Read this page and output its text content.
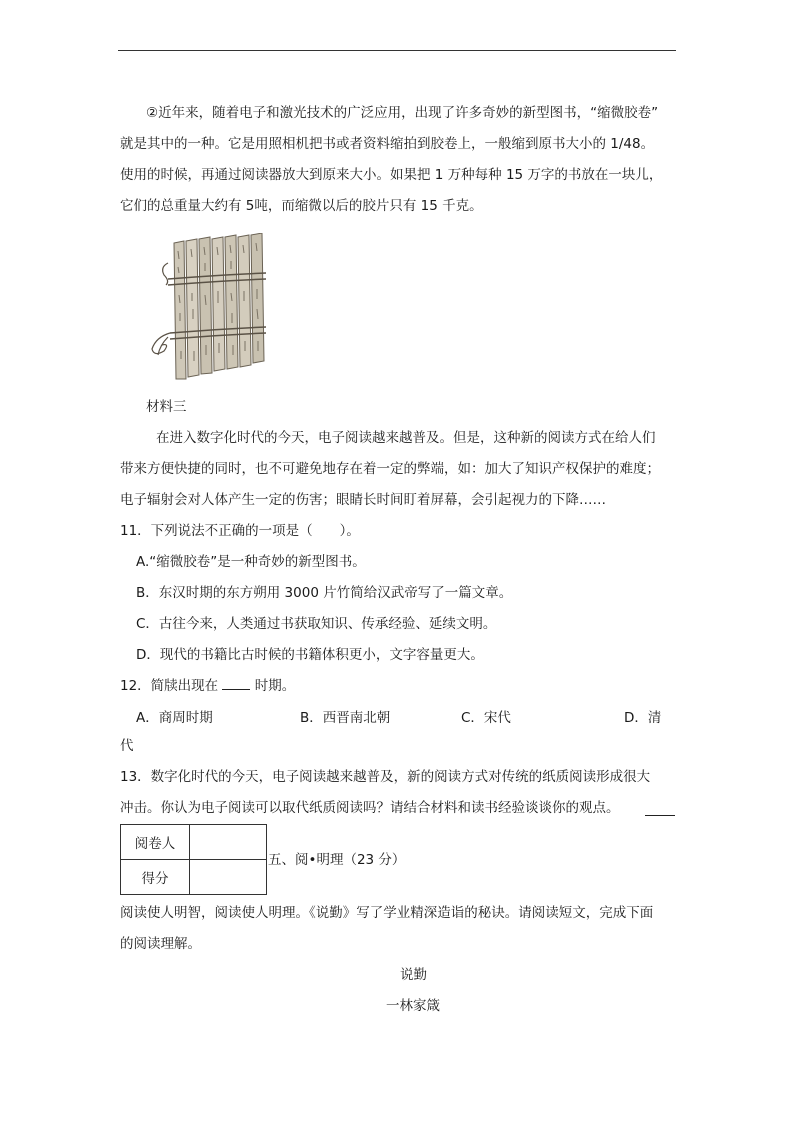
②近年来，随着电子和激光技术的广泛应用，出现了许多奇妙的新型图书，“缩微胶卷”
就是其中的一种。它是用照相机把书或者资料缩拍到胶卷上，一般缩到原书大小的 1/48。
使用的时候，再通过阅读器放大到原来大小。如果把 1 万种每种 15 万字的书放在一块儿，
它们的总重量大约有 5吨，而缩微以后的胶片只有 15 千克。
材料三
在进入数字化时代的今天，电子阅读越来越普及。但是，这种新的阅读方式在给人们
带来方便快捷的同时，也不可避免地存在着一定的弊端，如：加大了知识产权保护的难度；
电子辐射会对人体产生一定的伤害；眼睛长时间盯着屏幕，会引起视力的下降……
11．下列说法不正确的一项是（　　）。
A.“缩微胶卷”是一种奇妙的新型图书。
B．东汉时期的东方朔用 3000 片竹简给汉武帝写了一篇文章。
C．古往今来，人类通过书获取知识、传承经验、延续文明。
D．现代的书籍比古时候的书籍体积更小，文字容量更大。
12．简牍出现在	时期。
A．商周时期	B．西晋南北朝	C．宋代	D．清
代
13．数字化时代的今天，电子阅读越来越普及，新的阅读方式对传统的纸质阅读形成很大
冲击。你认为电子阅读可以取代纸质阅读吗？请结合材料和读书经验谈谈你的观点。
阅卷人	
得分	
五、阅•明理（23 分）
阅读使人明智，阅读使人明理。《说勤》写了学业精深造诣的秘诀。请阅读短文，完成下面
的阅读理解。
说勤
一林家箴
